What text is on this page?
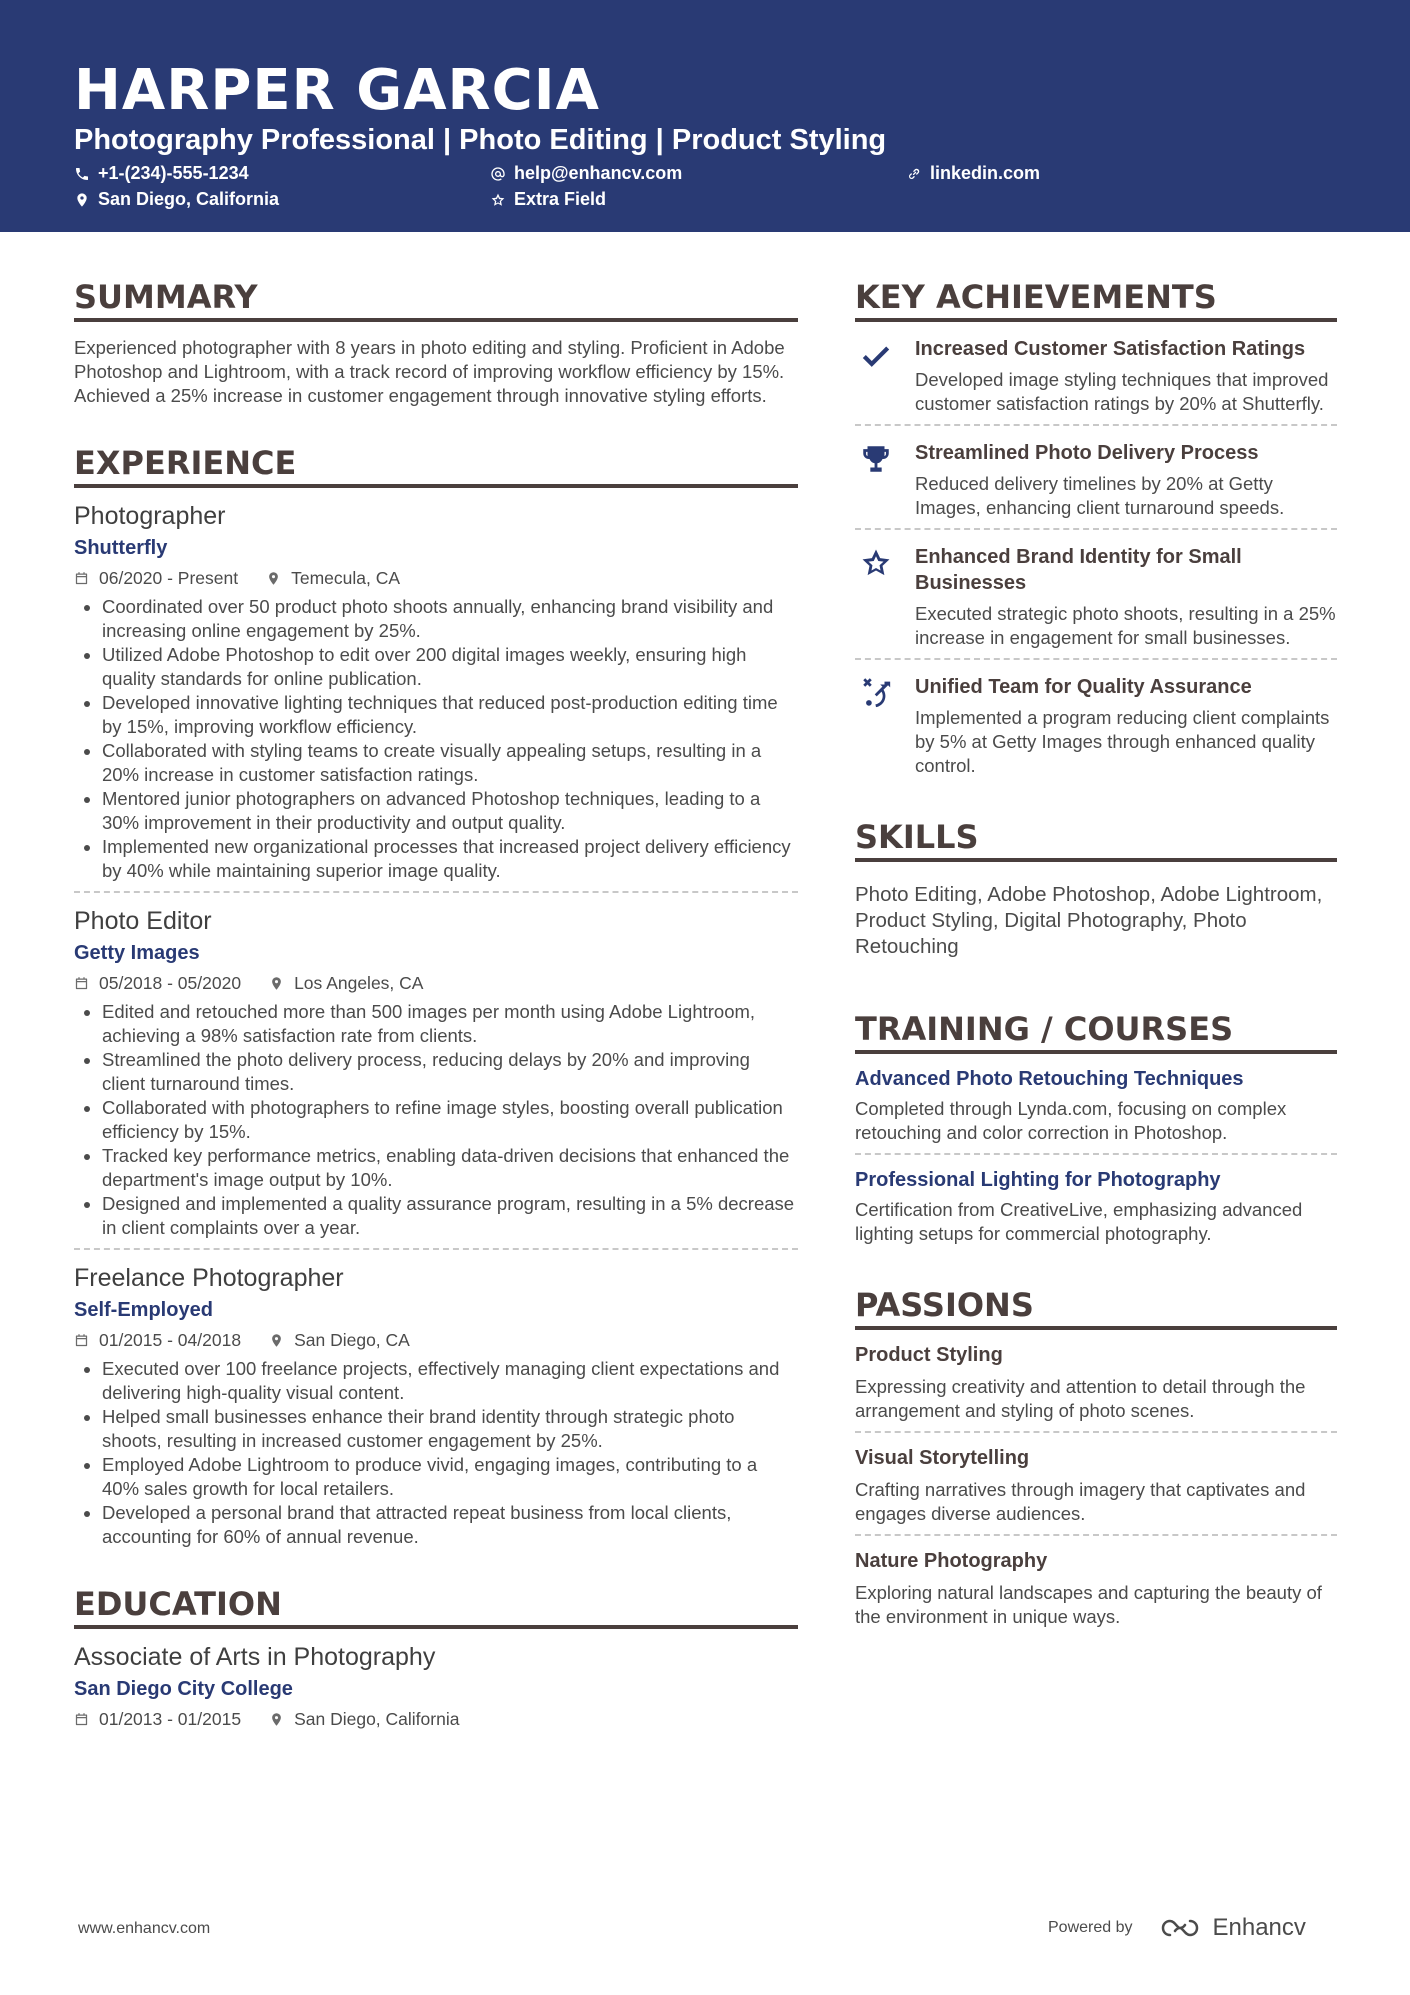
HARPER GARCIA
Photography Professional | Photo Editing | Product Styling
+1-(234)-555-1234	help@enhancv.com	linkedin.com
San Diego, California	Extra Field
SUMMARY
Experienced photographer with 8 years in photo editing and styling. Proficient in Adobe Photoshop and Lightroom, with a track record of improving workflow efficiency by 15%. Achieved a 25% increase in customer engagement through innovative styling efforts.
EXPERIENCE
Photographer
Shutterfly
06/2020 - Present	Temecula, CA
• Coordinated over 50 product photo shoots annually, enhancing brand visibility and increasing online engagement by 25%.
• Utilized Adobe Photoshop to edit over 200 digital images weekly, ensuring high quality standards for online publication.
• Developed innovative lighting techniques that reduced post-production editing time by 15%, improving workflow efficiency.
• Collaborated with styling teams to create visually appealing setups, resulting in a 20% increase in customer satisfaction ratings.
• Mentored junior photographers on advanced Photoshop techniques, leading to a 30% improvement in their productivity and output quality.
• Implemented new organizational processes that increased project delivery efficiency by 40% while maintaining superior image quality.
Photo Editor
Getty Images
05/2018 - 05/2020	Los Angeles, CA
• Edited and retouched more than 500 images per month using Adobe Lightroom, achieving a 98% satisfaction rate from clients.
• Streamlined the photo delivery process, reducing delays by 20% and improving client turnaround times.
• Collaborated with photographers to refine image styles, boosting overall publication efficiency by 15%.
• Tracked key performance metrics, enabling data-driven decisions that enhanced the department's image output by 10%.
• Designed and implemented a quality assurance program, resulting in a 5% decrease in client complaints over a year.
Freelance Photographer
Self-Employed
01/2015 - 04/2018	San Diego, CA
• Executed over 100 freelance projects, effectively managing client expectations and delivering high-quality visual content.
• Helped small businesses enhance their brand identity through strategic photo shoots, resulting in increased customer engagement by 25%.
• Employed Adobe Lightroom to produce vivid, engaging images, contributing to a 40% sales growth for local retailers.
• Developed a personal brand that attracted repeat business from local clients, accounting for 60% of annual revenue.
EDUCATION
Associate of Arts in Photography
San Diego City College
01/2013 - 01/2015	San Diego, California
KEY ACHIEVEMENTS
Increased Customer Satisfaction Ratings
Developed image styling techniques that improved customer satisfaction ratings by 20% at Shutterfly.
Streamlined Photo Delivery Process
Reduced delivery timelines by 20% at Getty Images, enhancing client turnaround speeds.
Enhanced Brand Identity for Small Businesses
Executed strategic photo shoots, resulting in a 25% increase in engagement for small businesses.
Unified Team for Quality Assurance
Implemented a program reducing client complaints by 5% at Getty Images through enhanced quality control.
SKILLS
Photo Editing, Adobe Photoshop, Adobe Lightroom, Product Styling, Digital Photography, Photo Retouching
TRAINING / COURSES
Advanced Photo Retouching Techniques
Completed through Lynda.com, focusing on complex retouching and color correction in Photoshop.
Professional Lighting for Photography
Certification from CreativeLive, emphasizing advanced lighting setups for commercial photography.
PASSIONS
Product Styling
Expressing creativity and attention to detail through the arrangement and styling of photo scenes.
Visual Storytelling
Crafting narratives through imagery that captivates and engages diverse audiences.
Nature Photography
Exploring natural landscapes and capturing the beauty of the environment in unique ways.
www.enhancv.com	Powered by	Enhancv
